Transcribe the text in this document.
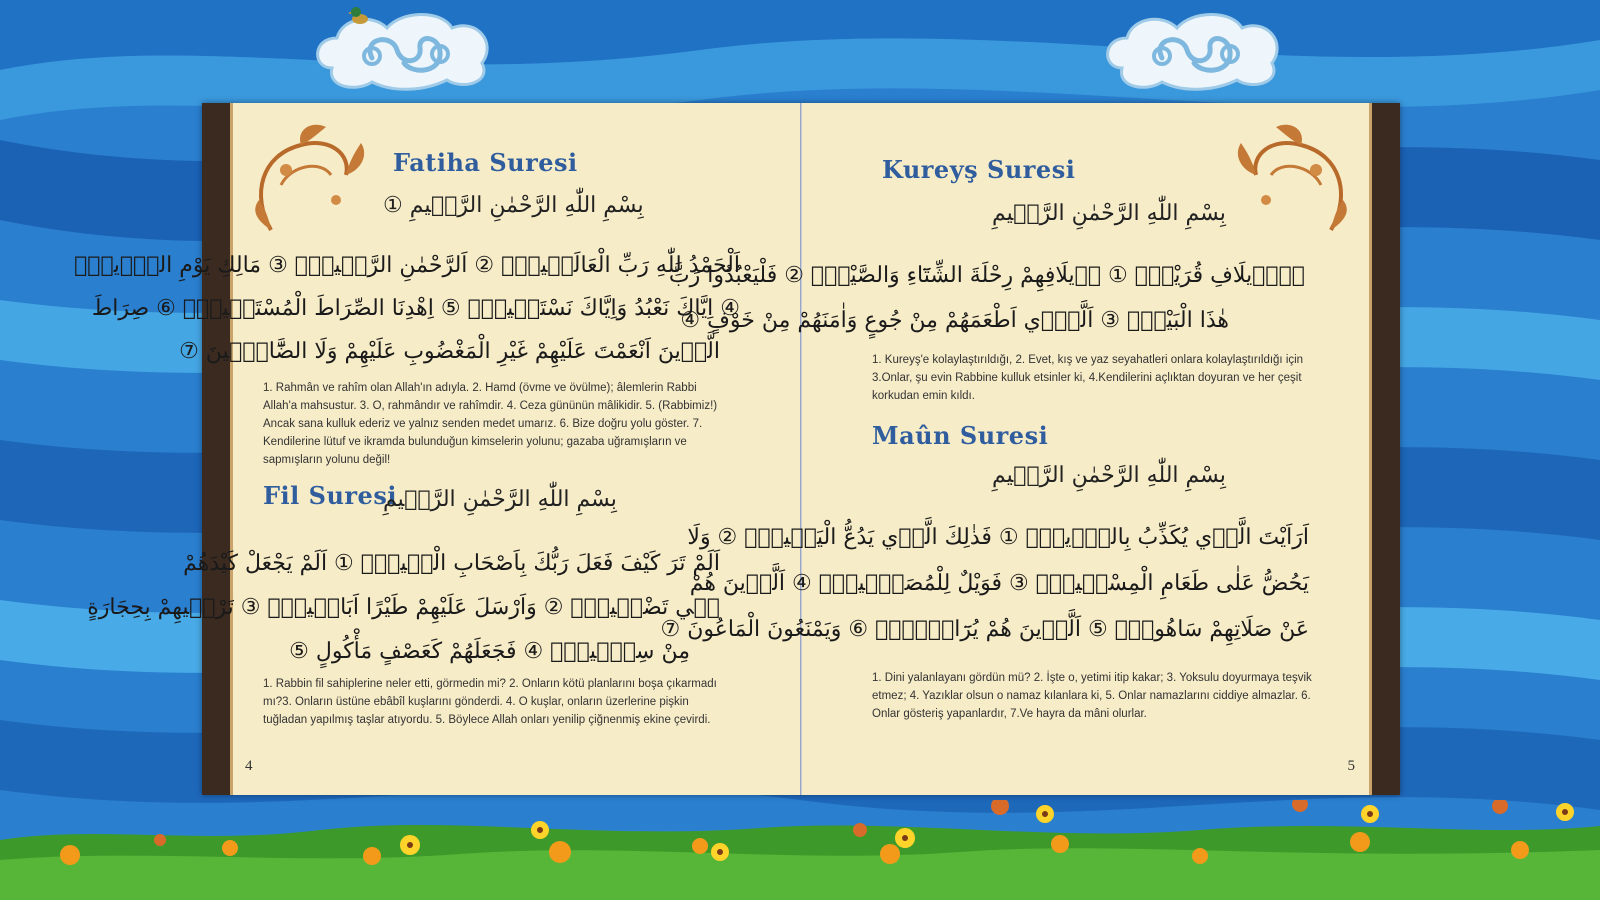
Fatiha Suresi
بِسْمِ اللّٰهِ الرَّحْمٰنِ الرَّح۪يمِ ①
اَلْحَمْدُ لِلّٰهِ رَبِّ الْعَالَم۪ينَۙ ② اَلرَّحْمٰنِ الرَّح۪يمِۙ ③ مَالِكِ يَوْمِ الدّ۪ينِۜ
④ اِيَّاكَ نَعْبُدُ وَاِيَّاكَ نَسْتَع۪ينُۜ ⑤ اِهْدِنَا الصِّرَاطَ الْمُسْتَق۪يمَۙ ⑥ صِرَاطَ
الَّذ۪ينَ اَنْعَمْتَ عَلَيْهِمْ غَيْرِ الْمَغْضُوبِ عَلَيْهِمْ وَلَا الضَّٓالّ۪ينَ ⑦
1. Rahmân ve rahîm olan Allah'ın adıyla. 2. Hamd (övme ve övülme); âlemlerin Rabbi Allah'a mahsustur. 3. O, rahmândır ve rahîmdir. 4. Ceza gününün mâlikidir. 5. (Rabbimiz!) Ancak sana kulluk ederiz ve yalnız senden medet umarız. 6. Bize doğru yolu göster. 7. Kendilerine lütuf ve ikramda bulunduğun kimselerin yolunu; gazaba uğramışların ve sapmışların yolunu değil!
Fil Suresi
بِسْمِ اللّٰهِ الرَّحْمٰنِ الرَّح۪يمِ
اَلَمْ تَرَ كَيْفَ فَعَلَ رَبُّكَ بِاَصْحَابِ الْف۪يلِۜ ① اَلَمْ يَجْعَلْ كَيْدَهُمْ
ف۪ي تَضْل۪يلٍۙ ② وَاَرْسَلَ عَلَيْهِمْ طَيْرًا اَبَاب۪يلَۙ ③ تَرْم۪يهِمْ بِحِجَارَةٍ
مِنْ سِجّ۪يلٍۙ ④ فَجَعَلَهُمْ كَعَصْفٍ مَأْكُولٍ ⑤
1. Rabbin fil sahiplerine neler etti, görmedin mi? 2. Onların kötü planlarını boşa çıkarmadı mı?3. Onların üstüne ebâbîl kuşlarını gönderdi. 4. O kuşlar, onların üzerlerine pişkin tuğladan yapılmış taşlar atıyordu. 5. Böylece Allah onları yenilip çiğnenmiş ekine çevirdi.
4
Kureyş Suresi
بِسْمِ اللّٰهِ الرَّحْمٰنِ الرَّح۪يمِ
لِا۪يلَافِ قُرَيْشٍۙ ① ا۪يلَافِهِمْ رِحْلَةَ الشِّتَٓاءِ وَالصَّيْفِۚ ② فَلْيَعْبُدُوا رَبَّ
هٰذَا الْبَيْتِۙ ③ اَلَّذ۪ٓي اَطْعَمَهُمْ مِنْ جُوعٍ وَاٰمَنَهُمْ مِنْ خَوْفٍ ④
1. Kureyş'e kolaylaştırıldığı, 2. Evet, kış ve yaz seyahatleri onlara kolaylaştırıldığı için 3.Onlar, şu evin Rabbine kulluk etsinler ki, 4.Kendilerini açlıktan doyuran ve her çeşit korkudan emin kıldı.
Maûn Suresi
بِسْمِ اللّٰهِ الرَّحْمٰنِ الرَّح۪يمِ
اَرَاَيْتَ الَّذ۪ي يُكَذِّبُ بِالدّ۪ينِۜ ① فَذٰلِكَ الَّذ۪ي يَدُعُّ الْيَت۪يمَۙ ② وَلَا
يَحُضُّ عَلٰى طَعَامِ الْمِسْك۪ينِۜ ③ فَوَيْلٌ لِلْمُصَلّ۪ينَۙ ④ اَلَّذ۪ينَ هُمْ
عَنْ صَلَاتِهِمْ سَاهُونَۙ ⑤ اَلَّذ۪ينَ هُمْ يُرَٓاؤُ۫نَۙ ⑥ وَيَمْنَعُونَ الْمَاعُونَ ⑦
1. Dini yalanlayanı gördün mü? 2. İşte o, yetimi itip kakar; 3. Yoksulu doyurmaya teşvik etmez; 4. Yazıklar olsun o namaz kılanlara ki, 5. Onlar namazlarını ciddiye almazlar. 6. Onlar gösteriş yapanlardır, 7.Ve hayra da mâni olurlar.
5
